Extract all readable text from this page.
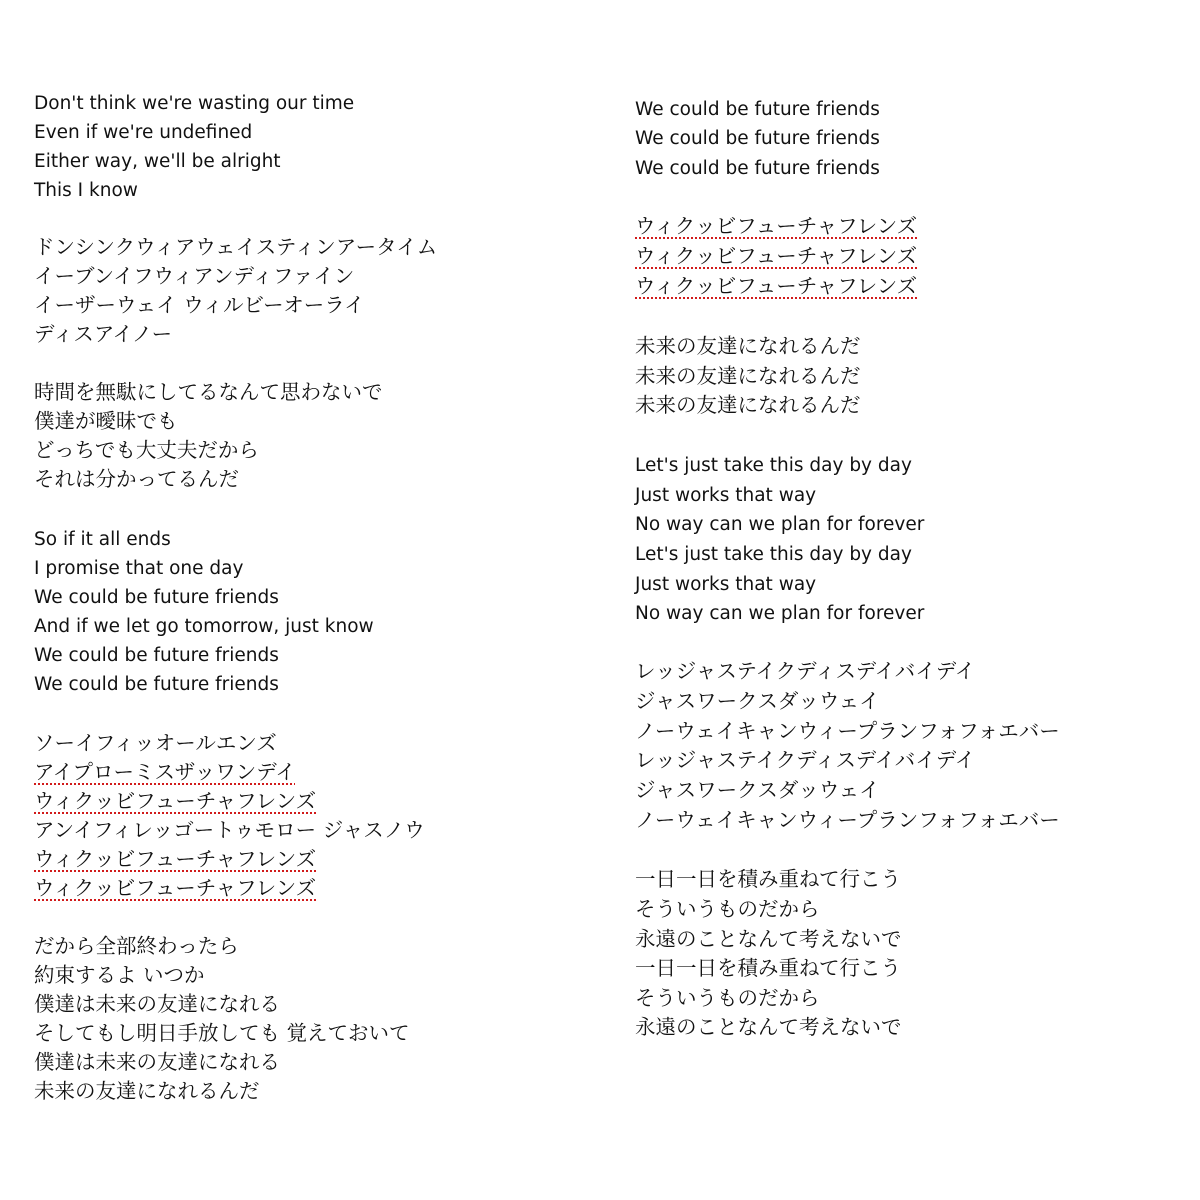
Don't think we're wasting our time
Even if we're undefined
Either way, we'll be alright
This I know
ドンシンクウィアウェイスティンアータイム
イーブンイフウィアンディファイン
イーザーウェイ ウィルビーオーライ
ディスアイノー
時間を無駄にしてるなんて思わないで
僕達が曖昧でも
どっちでも大丈夫だから
それは分かってるんだ
So if it all ends
I promise that one day
We could be future friends
And if we let go tomorrow, just know
We could be future friends
We could be future friends
ソーイフィッオールエンズ
アイプローミスザッワンデイ
ウィクッビフューチャフレンズ
アンイフィレッゴートゥモロー ジャスノウ
ウィクッビフューチャフレンズ
ウィクッビフューチャフレンズ
だから全部終わったら
約束するよ いつか
僕達は未来の友達になれる
そしてもし明日手放しても 覚えておいて
僕達は未来の友達になれる
未来の友達になれるんだ
We could be future friends
We could be future friends
We could be future friends
ウィクッビフューチャフレンズ
ウィクッビフューチャフレンズ
ウィクッビフューチャフレンズ
未来の友達になれるんだ
未来の友達になれるんだ
未来の友達になれるんだ
Let's just take this day by day
Just works that way
No way can we plan for forever
Let's just take this day by day
Just works that way
No way can we plan for forever
レッジャステイクディスデイバイデイ
ジャスワークスダッウェイ
ノーウェイキャンウィープランフォフォエバー
レッジャステイクディスデイバイデイ
ジャスワークスダッウェイ
ノーウェイキャンウィープランフォフォエバー
一日一日を積み重ねて行こう
そういうものだから
永遠のことなんて考えないで
一日一日を積み重ねて行こう
そういうものだから
永遠のことなんて考えないで
